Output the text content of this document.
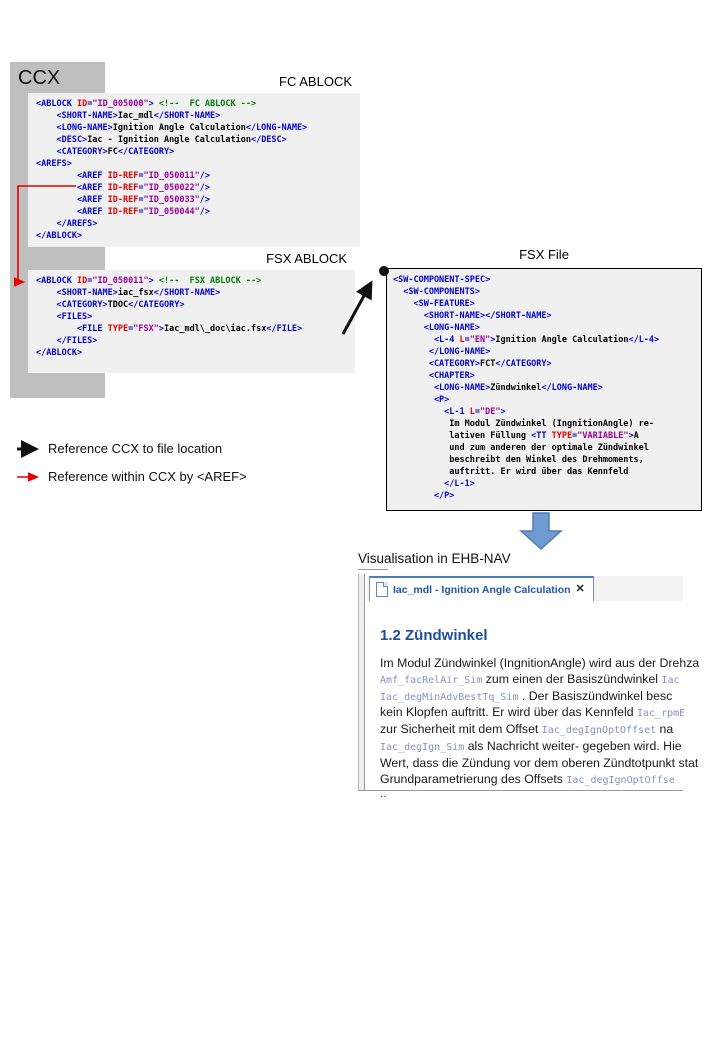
CCX	FC ABLOCK
<ABLOCK ID="ID_005000"> <!--  FC ABLOCK -->
<SHORT-NAME>Iac_mdl</SHORT-NAME>
<LONG-NAME>Ignition Angle Calculation</LONG-NAME>
<DESC>Iac - Ignition Angle Calculation</DESC>
<CATEGORY>FC</CATEGORY>
<AREFS>
<AREF ID-REF="ID_050011"/>
<AREF ID-REF="ID_050022"/>
<AREF ID-REF="ID_050033"/>
<AREF ID-REF="ID_050044"/>
</AREFS>
</ABLOCK>
FSX ABLOCK
<ABLOCK ID="ID_050011"> <!--  FSX ABLOCK -->
<SHORT-NAME>iac_fsx</SHORT-NAME>
<CATEGORY>TDOC</CATEGORY>
<FILES>
<FILE TYPE="FSX">Iac_mdl\_doc\iac.fsx</FILE>
</FILES>
</ABLOCK>
FSX File
<SW-COMPONENT-SPEC>
<SW-COMPONENTS>
<SW-FEATURE>
<SHORT-NAME></SHORT-NAME>
<LONG-NAME>
<L-4 L="EN">Ignition Angle Calculation</L-4>
</LONG-NAME>
<CATEGORY>FCT</CATEGORY>
<CHAPTER>
<LONG-NAME>Zündwinkel</LONG-NAME>
<P>
<L-1 L="DE">
Im Modul Zündwinkel (IngnitionAngle) re-
lativen Füllung <TT TYPE="VARIABLE">A
und zum anderen der optimale Zündwinkel
beschreibt den Winkel des Drehmoments,
auftritt. Er wird über das Kennfeld
</L-1>
</P>
Reference CCX to file location
Reference within CCX by <AREF>
Visualisation in EHB-NAV
Iac_mdl - Ignition Angle Calculation ✕
1.2 Zündwinkel
Im Modul Zündwinkel (IngnitionAngle) wird aus der Drehza
Amf_facRelAir_Sim zum einen der Basiszündwinkel Iac
Iac_degMinAdvBestTq_Sim . Der Basiszündwinkel besc
kein Klopfen auftritt. Er wird über das Kennfeld Iac_rpmE
zur Sicherheit mit dem Offset Iac_degIgnOptOffset na
Iac_degIgn_Sim als Nachricht weiter- gegeben wird. Hie
Wert, dass die Zündung vor dem oberen Zündtotpunkt stat
Grundparametrierung des Offsets Iac_degIgnOptOffse
..
